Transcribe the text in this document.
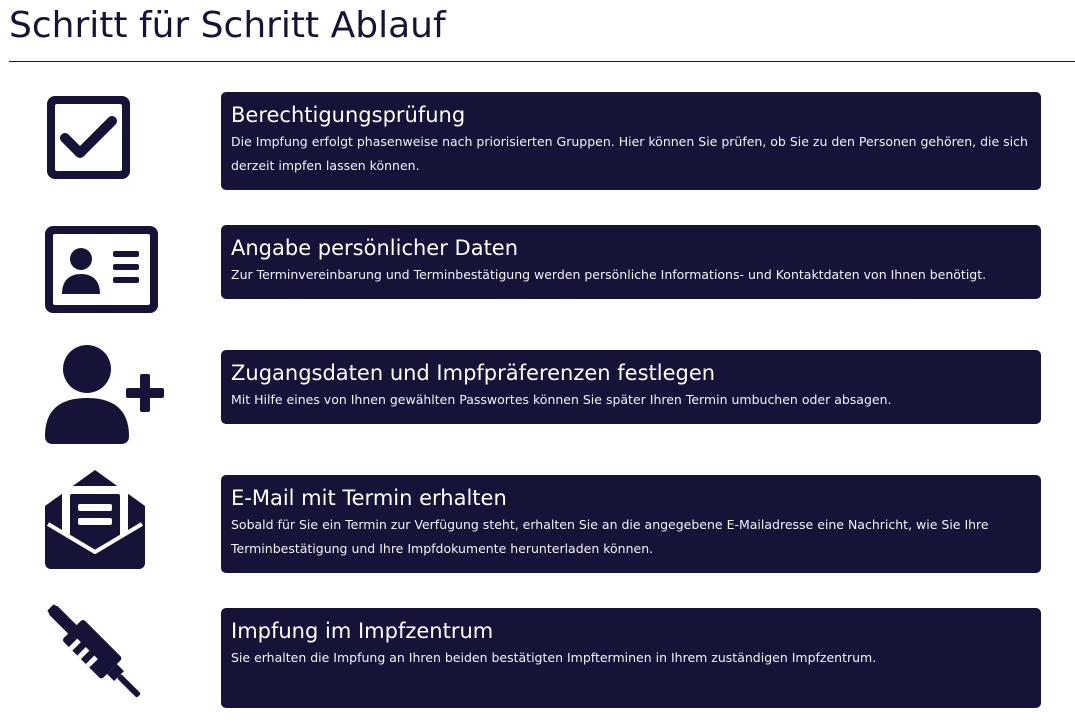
Schritt für Schritt Ablauf
Berechtigungsprüfung

Die Impfung erfolgt phasenweise nach priorisierten Gruppen. Hier können Sie prüfen, ob Sie zu den Personen gehören, die sich derzeit impfen lassen können.

Angabe persönlicher Daten

Zur Terminvereinbarung und Terminbestätigung werden persönliche Informations- und Kontaktdaten von Ihnen benötigt.

Zugangsdaten und Impfpräferenzen festlegen

Mit Hilfe eines von Ihnen gewählten Passwortes können Sie später Ihren Termin umbuchen oder absagen.

E-Mail mit Termin erhalten

Sobald für Sie ein Termin zur Verfügung steht, erhalten Sie an die angegebene E-Mailadresse eine Nachricht, wie Sie Ihre Terminbestätigung und Ihre Impfdokumente herunterladen können.

Impfung im Impfzentrum

Sie erhalten die Impfung an Ihren beiden bestätigten Impfterminen in Ihrem zuständigen Impfzentrum.
